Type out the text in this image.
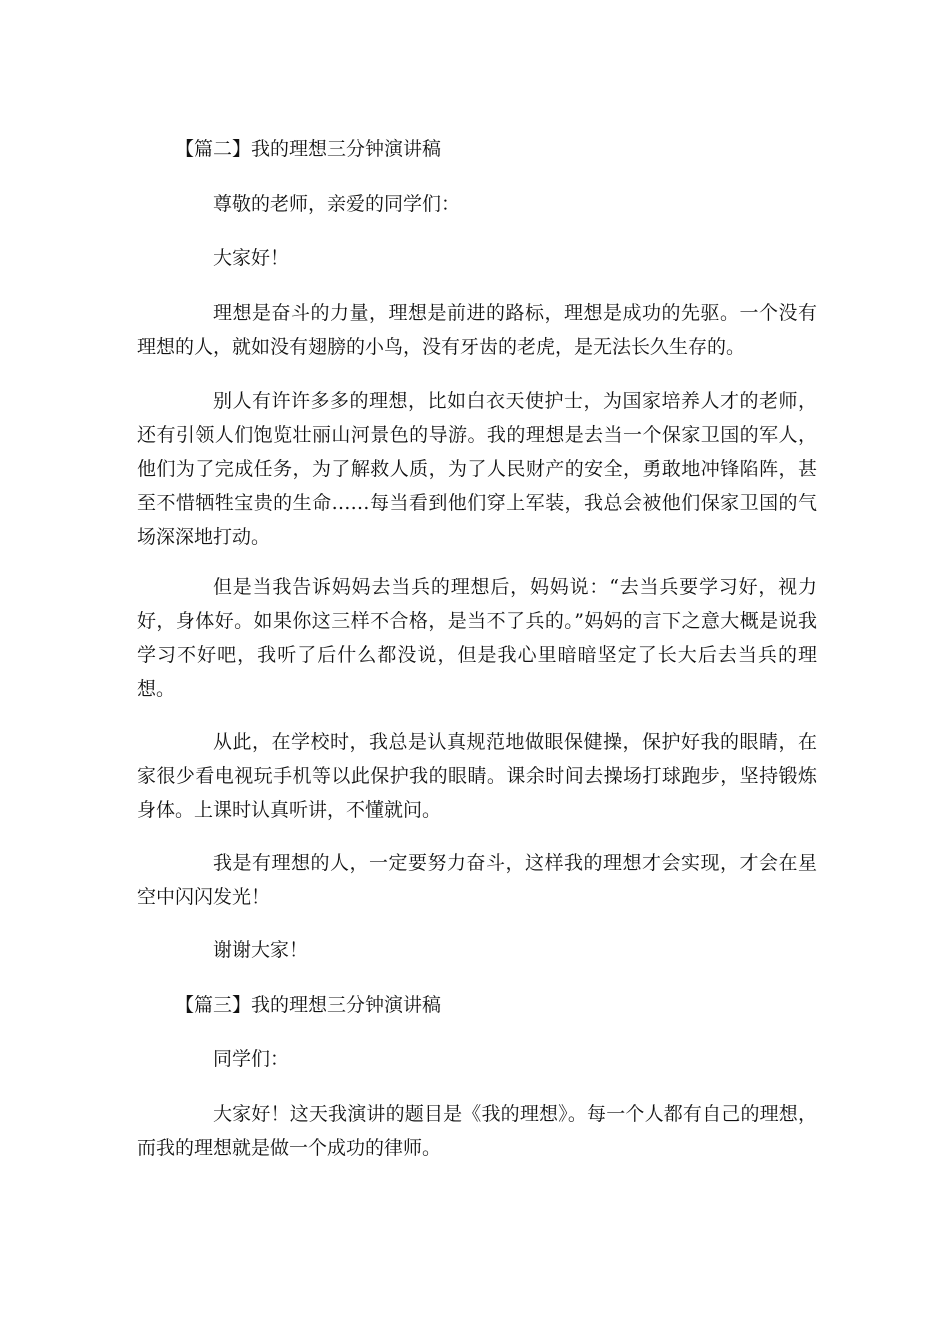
【篇二】我的理想三分钟演讲稿
尊敬的老师，亲爱的同学们：
大家好！
理想是奋斗的力量，理想是前进的路标，理想是成功的先驱。一个没有理想的人，就如没有翅膀的小鸟，没有牙齿的老虎，是无法长久生存的。
别人有许许多多的理想，比如白衣天使护士，为国家培养人才的老师，还有引领人们饱览壮丽山河景色的导游。我的理想是去当一个保家卫国的军人，他们为了完成任务，为了解救人质，为了人民财产的安全，勇敢地冲锋陷阵，甚至不惜牺牲宝贵的生命……每当看到他们穿上军装，我总会被他们保家卫国的气场深深地打动。
但是当我告诉妈妈去当兵的理想后，妈妈说：“去当兵要学习好，视力好，身体好。如果你这三样不合格，是当不了兵的。”妈妈的言下之意大概是说我学习不好吧，我听了后什么都没说，但是我心里暗暗坚定了长大后去当兵的理想。
从此，在学校时，我总是认真规范地做眼保健操，保护好我的眼睛，在家很少看电视玩手机等以此保护我的眼睛。课余时间去操场打球跑步，坚持锻炼身体。上课时认真听讲，不懂就问。
我是有理想的人，一定要努力奋斗，这样我的理想才会实现，才会在星空中闪闪发光！
谢谢大家！
【篇三】我的理想三分钟演讲稿
同学们：
大家好！这天我演讲的题目是《我的理想》。每一个人都有自己的理想，而我的理想就是做一个成功的律师。
